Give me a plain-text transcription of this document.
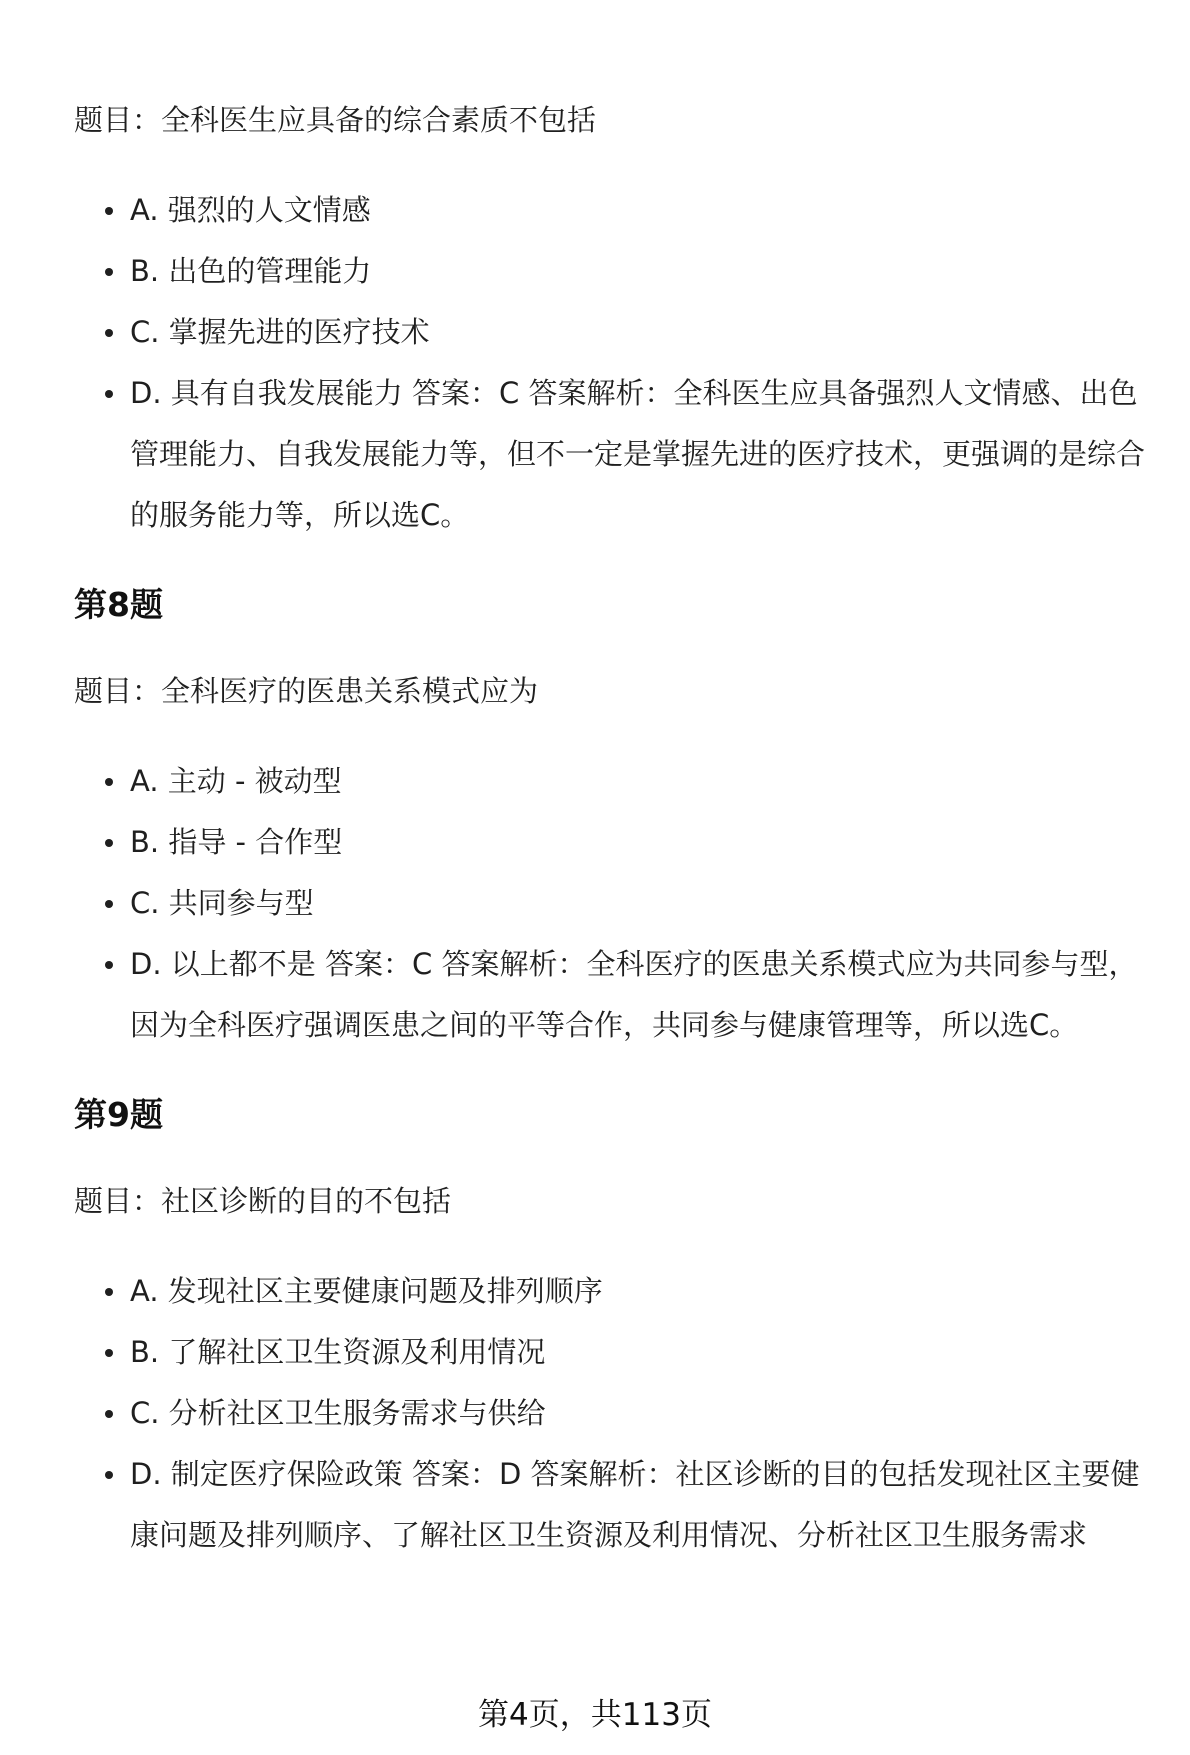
题目：全科医生应具备的综合素质不包括

A. 强烈的人文情感
B. 出色的管理能力
C. 掌握先进的医疗技术
D. 具有自我发展能力 答案：C 答案解析：全科医生应具备强烈人文情感、出色管理能力、自我发展能力等，但不一定是掌握先进的医疗技术，更强调的是综合的服务能力等，所以选C。
第8题

题目：全科医疗的医患关系模式应为

A. 主动 - 被动型
B. 指导 - 合作型
C. 共同参与型
D. 以上都不是 答案：C 答案解析：全科医疗的医患关系模式应为共同参与型，因为全科医疗强调医患之间的平等合作，共同参与健康管理等，所以选C。
第9题

题目：社区诊断的目的不包括

A. 发现社区主要健康问题及排列顺序
B. 了解社区卫生资源及利用情况
C. 分析社区卫生服务需求与供给
D. 制定医疗保险政策 答案：D 答案解析：社区诊断的目的包括发现社区主要健康问题及排列顺序、了解社区卫生资源及利用情况、分析社区卫生服务需求
第4页，共113页
